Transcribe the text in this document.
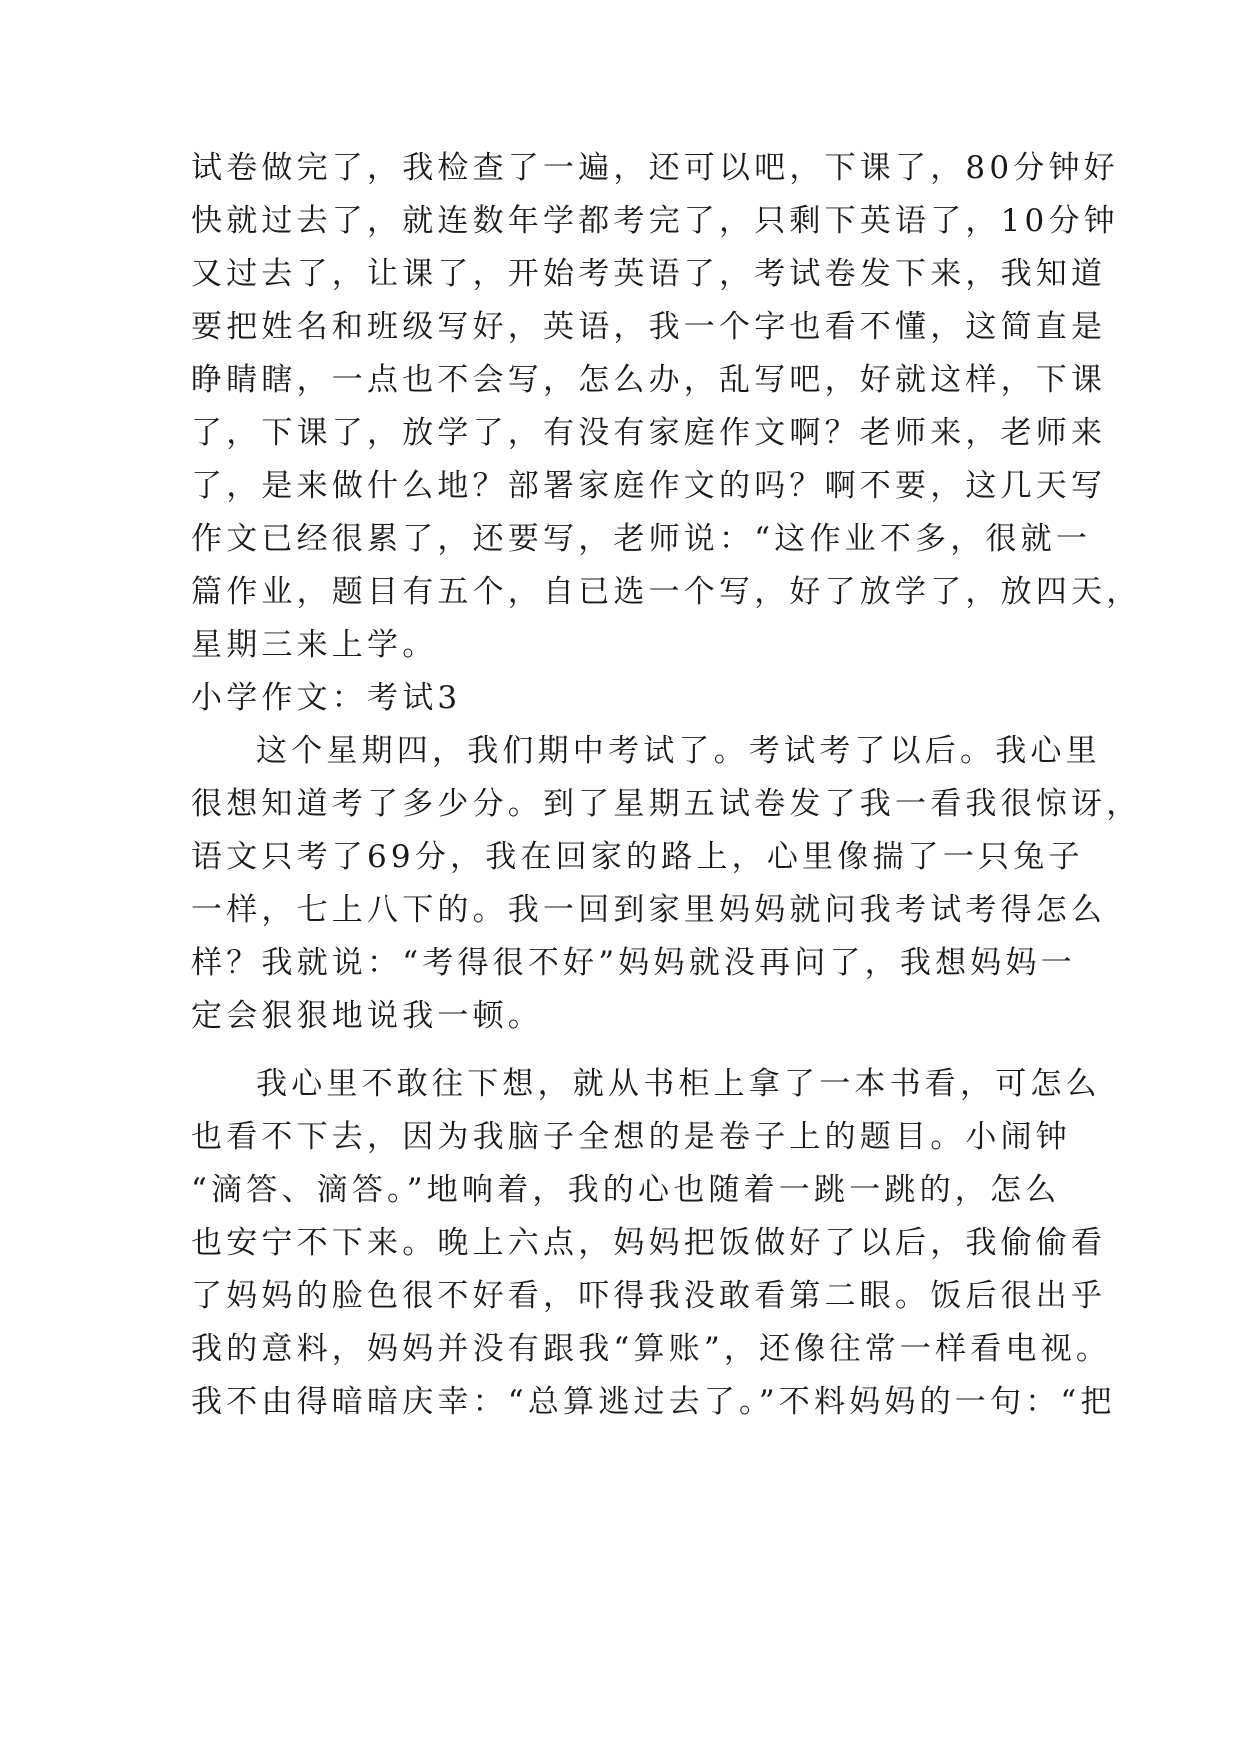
试卷做完了，我检查了一遍，还可以吧，下课了，80分钟好
快就过去了，就连数年学都考完了，只剩下英语了，10分钟
又过去了，让课了，开始考英语了，考试卷发下来，我知道
要把姓名和班级写好，英语，我一个字也看不懂，这简直是
睁睛瞎，一点也不会写，怎么办，乱写吧，好就这样，下课
了，下课了，放学了，有没有家庭作文啊？老师来，老师来
了，是来做什么地？部署家庭作文的吗？啊不要，这几天写
作文已经很累了，还要写，老师说：“这作业不多，很就一
篇作业，题目有五个，自已选一个写，好了放学了，放四天，
星期三来上学。
小学作文：考试3
这个星期四，我们期中考试了。考试考了以后。我心里
很想知道考了多少分。到了星期五试卷发了我一看我很惊讶，
语文只考了69分，我在回家的路上，心里像揣了一只兔子
一样，七上八下的。我一回到家里妈妈就问我考试考得怎么
样？我就说：“考得很不好”妈妈就没再问了，我想妈妈一
定会狠狠地说我一顿。
我心里不敢往下想，就从书柜上拿了一本书看，可怎么
也看不下去，因为我脑子全想的是卷子上的题目。小闹钟
“滴答、滴答。”地响着，我的心也随着一跳一跳的，怎么
也安宁不下来。晚上六点，妈妈把饭做好了以后，我偷偷看
了妈妈的脸色很不好看，吓得我没敢看第二眼。饭后很出乎
我的意料，妈妈并没有跟我“算账”，还像往常一样看电视。
我不由得暗暗庆幸：“总算逃过去了。”不料妈妈的一句：“把
